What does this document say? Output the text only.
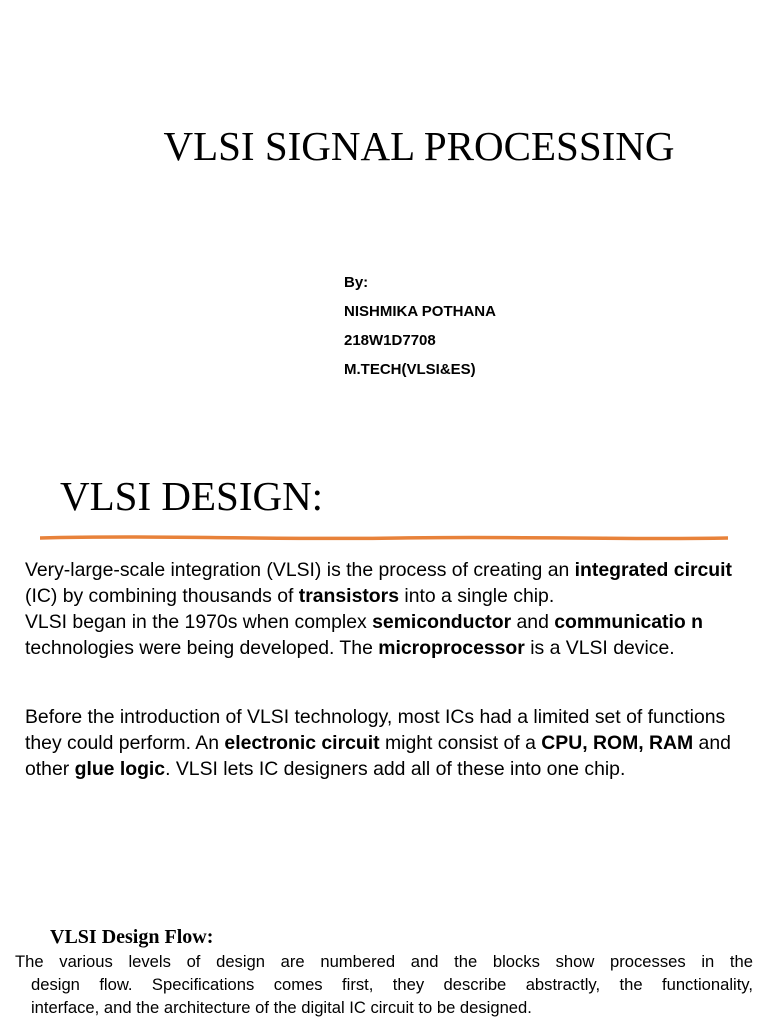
VLSI SIGNAL PROCESSING
By:
NISHMIKA POTHANA
218W1D7708
M.TECH(VLSI&ES)
VLSI DESIGN:
Very-large-scale integration (VLSI) is the process of creating an integrated circuit (IC) by combining thousands of transistors into a single chip.
VLSI began in the 1970s when complex semiconductor and communicatio n technologies were being developed. The microprocessor is a VLSI device.
Before the introduction of VLSI technology, most ICs had a limited set of functions they could perform. An electronic circuit might consist of a CPU, ROM, RAM and other glue logic. VLSI lets IC designers add all of these into one chip.
VLSI Design Flow:
The various levels of design are numbered and the blocks show processes in the
design flow. Specifications comes first, they describe abstractly, the functionality,
interface, and the architecture of the digital IC circuit to be designed.
